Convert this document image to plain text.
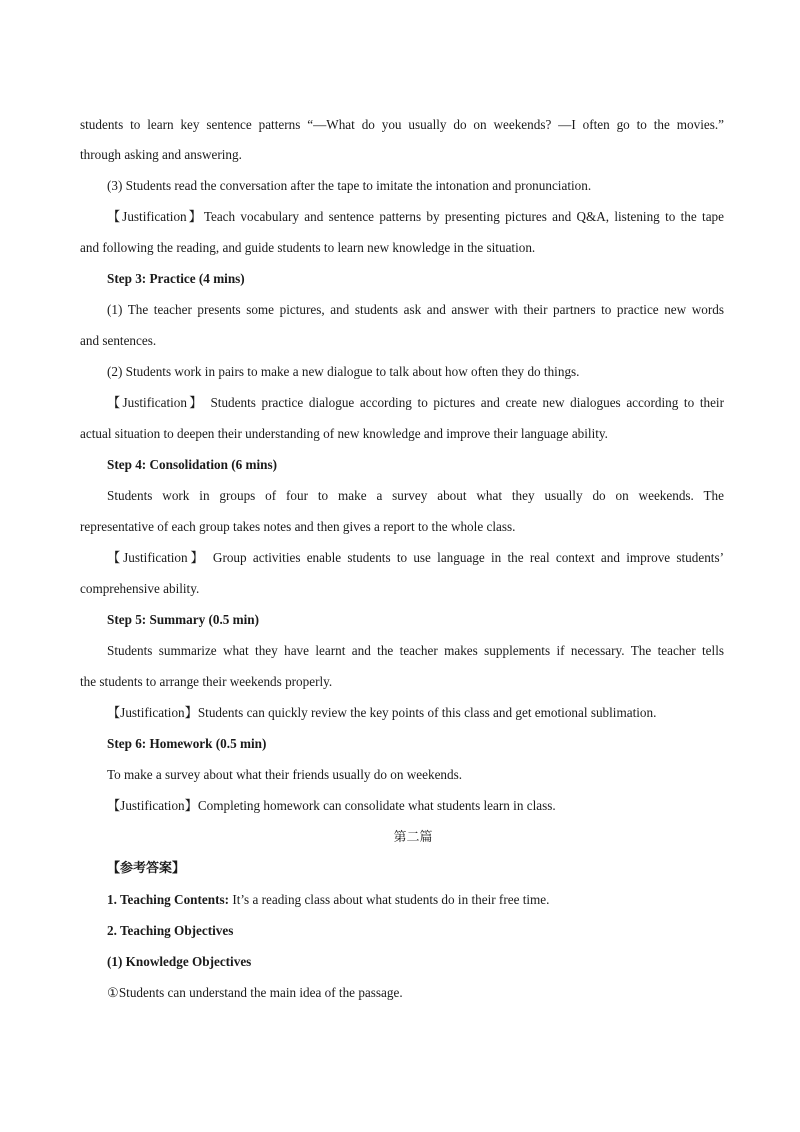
students to learn key sentence patterns “—What do you usually do on weekends? —I often go to the movies.”
through asking and answering.
(3) Students read the conversation after the tape to imitate the intonation and pronunciation.
【Justification】Teach vocabulary and sentence patterns by presenting pictures and Q&A, listening to the tape
and following the reading, and guide students to learn new knowledge in the situation.
Step 3: Practice (4 mins)
(1) The teacher presents some pictures, and students ask and answer with their partners to practice new words
and sentences.
(2) Students work in pairs to make a new dialogue to talk about how often they do things.
【Justification】 Students practice dialogue according to pictures and create new dialogues according to their
actual situation to deepen their understanding of new knowledge and improve their language ability.
Step 4: Consolidation (6 mins)
Students work in groups of four to make a survey about what they usually do on weekends. The
representative of each group takes notes and then gives a report to the whole class.
【Justification】 Group activities enable students to use language in the real context and improve students’
comprehensive ability.
Step 5: Summary (0.5 min)
Students summarize what they have learnt and the teacher makes supplements if necessary. The teacher tells
the students to arrange their weekends properly.
【Justification】Students can quickly review the key points of this class and get emotional sublimation.
Step 6: Homework (0.5 min)
To make a survey about what their friends usually do on weekends.
【Justification】Completing homework can consolidate what students learn in class.
第二篇
【参考答案】
1. Teaching Contents: It’s a reading class about what students do in their free time.
2. Teaching Objectives
(1) Knowledge Objectives
①Students can understand the main idea of the passage.
